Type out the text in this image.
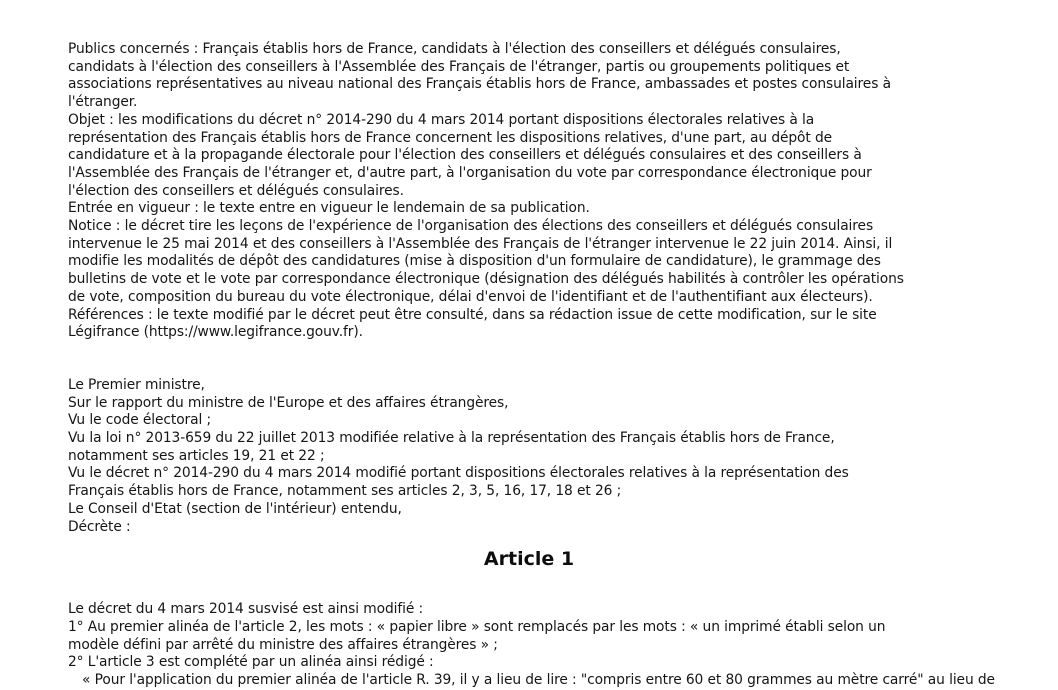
Publics concernés : Français établis hors de France, candidats à l'élection des conseillers et délégués consulaires,
candidats à l'élection des conseillers à l'Assemblée des Français de l'étranger, partis ou groupements politiques et
associations représentatives au niveau national des Français établis hors de France, ambassades et postes consulaires à
l'étranger.
Objet : les modifications du décret n° 2014-290 du 4 mars 2014 portant dispositions électorales relatives à la
représentation des Français établis hors de France concernent les dispositions relatives, d'une part, au dépôt de
candidature et à la propagande électorale pour l'élection des conseillers et délégués consulaires et des conseillers à
l'Assemblée des Français de l'étranger et, d'autre part, à l'organisation du vote par correspondance électronique pour
l'élection des conseillers et délégués consulaires.
Entrée en vigueur : le texte entre en vigueur le lendemain de sa publication.
Notice : le décret tire les leçons de l'expérience de l'organisation des élections des conseillers et délégués consulaires
intervenue le 25 mai 2014 et des conseillers à l'Assemblée des Français de l'étranger intervenue le 22 juin 2014. Ainsi, il
modifie les modalités de dépôt des candidatures (mise à disposition d'un formulaire de candidature), le grammage des
bulletins de vote et le vote par correspondance électronique (désignation des délégués habilités à contrôler les opérations
de vote, composition du bureau du vote électronique, délai d'envoi de l'identifiant et de l'authentifiant aux électeurs).
Références : le texte modifié par le décret peut être consulté, dans sa rédaction issue de cette modification, sur le site
Légifrance (https://www.legifrance.gouv.fr).
Le Premier ministre,
Sur le rapport du ministre de l'Europe et des affaires étrangères,
Vu le code électoral ;
Vu la loi n° 2013-659 du 22 juillet 2013 modifiée relative à la représentation des Français établis hors de France,
notamment ses articles 19, 21 et 22 ;
Vu le décret n° 2014-290 du 4 mars 2014 modifié portant dispositions électorales relatives à la représentation des
Français établis hors de France, notamment ses articles 2, 3, 5, 16, 17, 18 et 26 ;
Le Conseil d'Etat (section de l'intérieur) entendu,
Décrète :
Article 1
Le décret du 4 mars 2014 susvisé est ainsi modifié :
1° Au premier alinéa de l'article 2, les mots : « papier libre » sont remplacés par les mots : « un imprimé établi selon un
modèle défini par arrêté du ministre des affaires étrangères » ;
2° L'article 3 est complété par un alinéa ainsi rédigé :
« Pour l'application du premier alinéa de l'article R. 39, il y a lieu de lire : "compris entre 60 et 80 grammes au mètre carré" au lieu de
